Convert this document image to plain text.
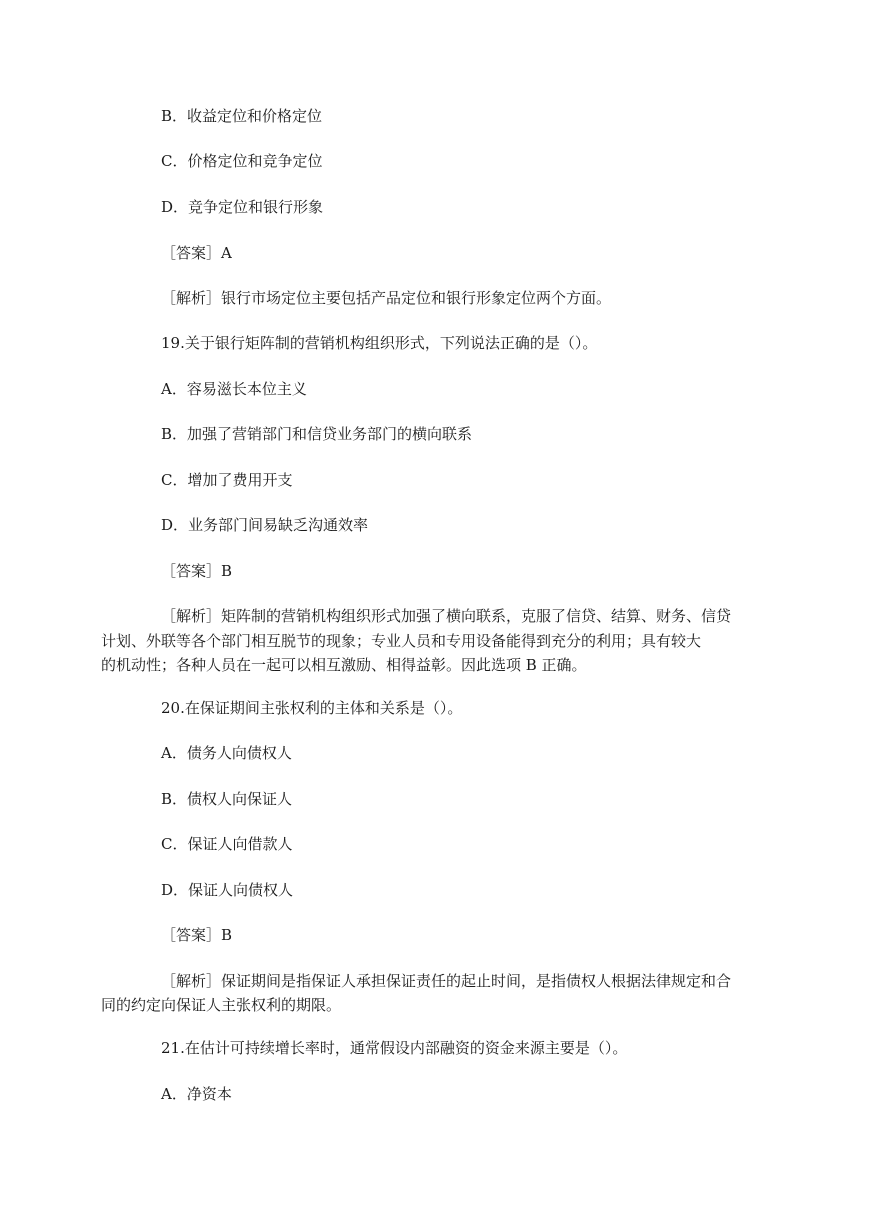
B．收益定位和价格定位
C．价格定位和竞争定位
D．竞争定位和银行形象
［答案］A
［解析］银行市场定位主要包括产品定位和银行形象定位两个方面。
19.关于银行矩阵制的营销机构组织形式，下列说法正确的是（）。
A．容易滋长本位主义
B．加强了营销部门和信贷业务部门的横向联系
C．增加了费用开支
D．业务部门间易缺乏沟通效率
［答案］B
［解析］矩阵制的营销机构组织形式加强了横向联系，克服了信贷、结算、财务、信贷
计划、外联等各个部门相互脱节的现象；专业人员和专用设备能得到充分的利用；具有较大
的机动性；各种人员在一起可以相互激励、相得益彰。因此选项 B 正确。
20.在保证期间主张权利的主体和关系是（）。
A．债务人向债权人
B．债权人向保证人
C．保证人向借款人
D．保证人向债权人
［答案］B
［解析］保证期间是指保证人承担保证责任的起止时间，是指债权人根据法律规定和合
同的约定向保证人主张权利的期限。
21.在估计可持续增长率时，通常假设内部融资的资金来源主要是（）。
A．净资本
